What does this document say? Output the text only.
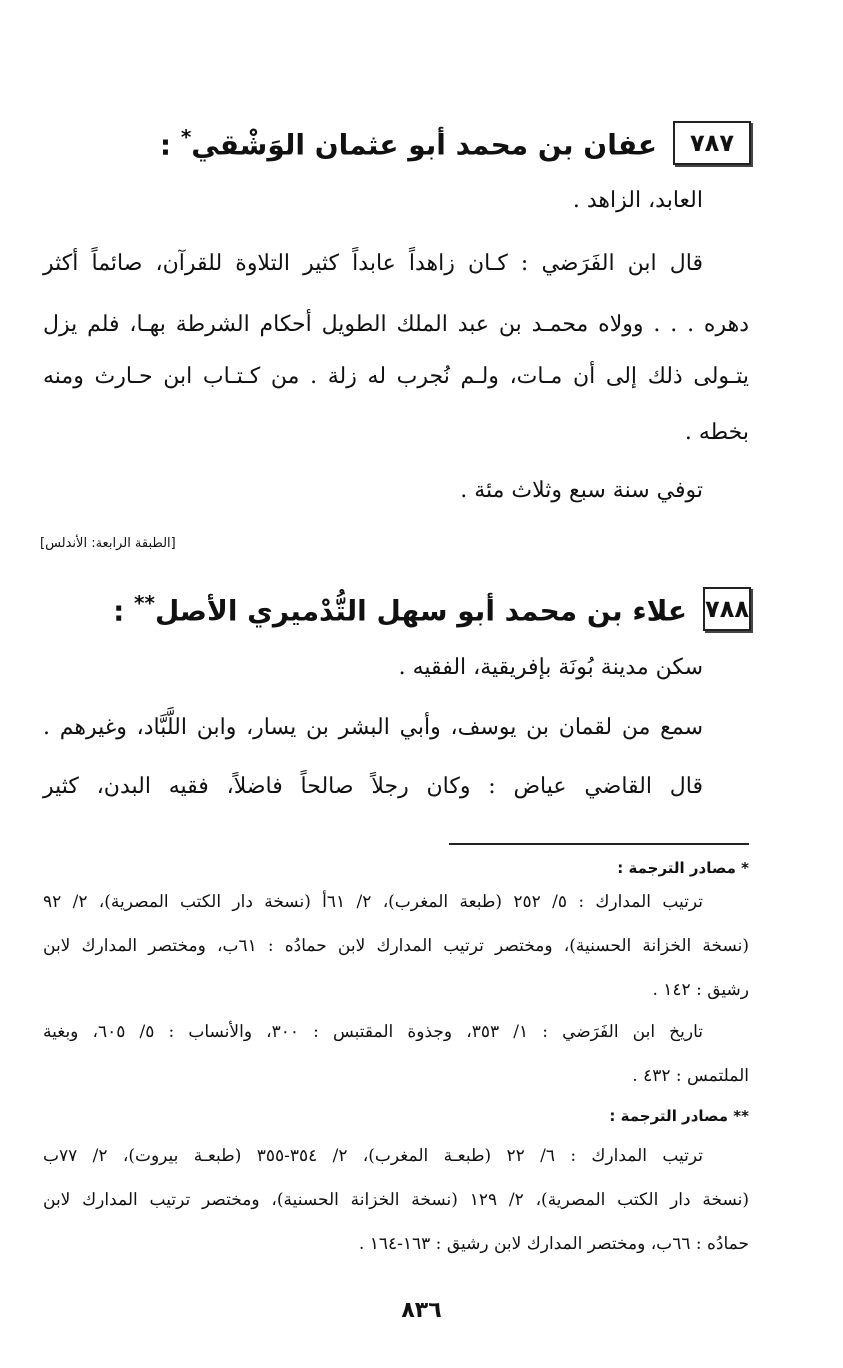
٧٨٧
عفان بن محمد أبو عثمان الوَشْقي* :
العابد، الزاهد .
قال ابن الفَرَضي : كـان زاهداً عابداً كثير التلاوة للقرآن، صائماً أكثر
دهره . . . وولاه محمـد بن عبد الملك الطويل أحكام الشرطة بهـا، فلم يزل
يتـولى ذلك إلى أن مـات، ولـم نُجرب له زلة . من كـتـاب ابن حـارث ومنه
بخطه .
توفي سنة سبع وثلاث مئة .
[الطبقة الرابعة: الأندلس]
٧٨٨
علاء بن محمد أبو سهل التُّدْميري الأصل** :
سكن مدينة بُونَة بإفريقية، الفقيه .
سمع من لقمان بن يوسف، وأبي البشر بن يسار، وابن اللَّبَّاد، وغيرهم .
قال القاضي عياض : وكان رجلاً صالحاً فاضلاً، فقيه البدن، كثير
* مصادر الترجمة :
ترتيب المدارك : ٥/ ٢٥٢ (طبعة المغرب)، ٢/ ٦١أ (نسخة دار الكتب المصرية)، ٢/ ٩٢
(نسخة الخزانة الحسنية)، ومختصر ترتيب المدارك لابن حمادُه : ٦١ب، ومختصر المدارك لابن
رشيق : ١٤٢ .
تاريخ ابن الفَرَضي : ١/ ٣٥٣، وجذوة المقتبس : ٣٠٠، والأنساب : ٥/ ٦٠٥، وبغية
الملتمس : ٤٣٢ .
** مصادر الترجمة :
ترتيب المدارك : ٦/ ٢٢ (طبعـة المغرب)، ٢/ ٣٥٤-٣٥٥ (طبعـة بيروت)، ٢/ ٧٧ب
(نسخة دار الكتب المصرية)، ٢/ ١٢٩ (نسخة الخزانة الحسنية)، ومختصر ترتيب المدارك لابن
حمادُه : ٦٦ب، ومختصر المدارك لابن رشيق : ١٦٣-١٦٤ .
٨٣٦
